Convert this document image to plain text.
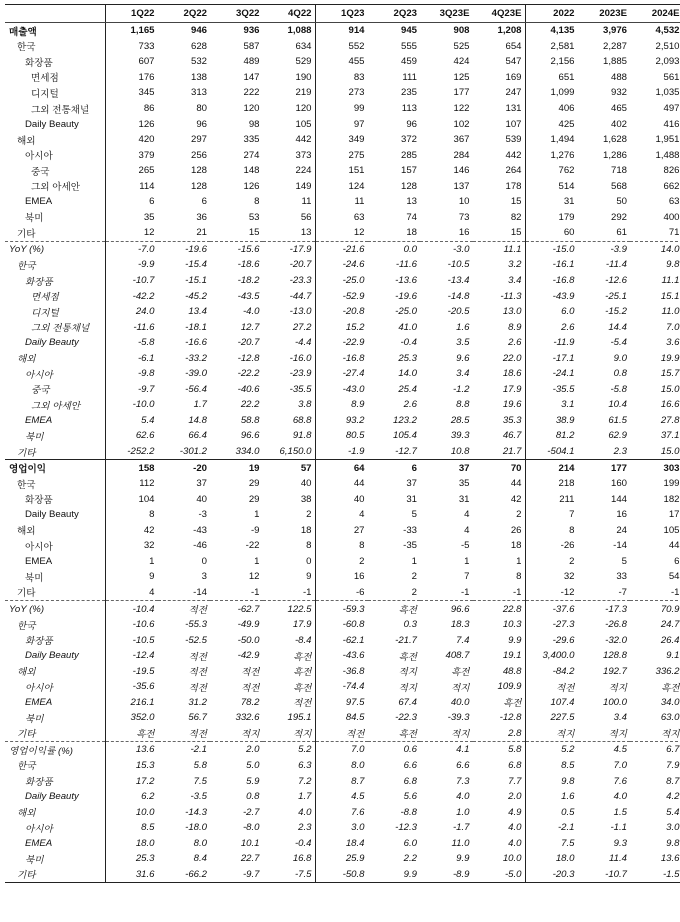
	1Q22	2Q22	3Q22	4Q22	1Q23	2Q23	3Q23E	4Q23E	2022	2023E	2024E
매출액	1,165	946	936	1,088	914	945	908	1,208	4,135	3,976	4,532
한국	733	628	587	634	552	555	525	654	2,581	2,287	2,510
화장품	607	532	489	529	455	459	424	547	2,156	1,885	2,093
면세점	176	138	147	190	83	111	125	169	651	488	561
디지털	345	313	222	219	273	235	177	247	1,099	932	1,035
그외 전통채널	86	80	120	120	99	113	122	131	406	465	497
Daily Beauty	126	96	98	105	97	96	102	107	425	402	416
해외	420	297	335	442	349	372	367	539	1,494	1,628	1,951
아시아	379	256	274	373	275	285	284	442	1,276	1,286	1,488
중국	265	128	148	224	151	157	146	264	762	718	826
그외 아세안	114	128	126	149	124	128	137	178	514	568	662
EMEA	6	6	8	11	11	13	10	15	31	50	63
북미	35	36	53	56	63	74	73	82	179	292	400
기타	12	21	15	13	12	18	16	15	60	61	71
YoY (%)	-7.0	-19.6	-15.6	-17.9	-21.6	0.0	-3.0	11.1	-15.0	-3.9	14.0
한국	-9.9	-15.4	-18.6	-20.7	-24.6	-11.6	-10.5	3.2	-16.1	-11.4	9.8
화장품	-10.7	-15.1	-18.2	-23.3	-25.0	-13.6	-13.4	3.4	-16.8	-12.6	11.1
면세점	-42.2	-45.2	-43.5	-44.7	-52.9	-19.6	-14.8	-11.3	-43.9	-25.1	15.1
디지털	24.0	13.4	-4.0	-13.0	-20.8	-25.0	-20.5	13.0	6.0	-15.2	11.0
그외 전통채널	-11.6	-18.1	12.7	27.2	15.2	41.0	1.6	8.9	2.6	14.4	7.0
Daily Beauty	-5.8	-16.6	-20.7	-4.4	-22.9	-0.4	3.5	2.6	-11.9	-5.4	3.6
해외	-6.1	-33.2	-12.8	-16.0	-16.8	25.3	9.6	22.0	-17.1	9.0	19.9
아시아	-9.8	-39.0	-22.2	-23.9	-27.4	14.0	3.4	18.6	-24.1	0.8	15.7
중국	-9.7	-56.4	-40.6	-35.5	-43.0	25.4	-1.2	17.9	-35.5	-5.8	15.0
그외 아세안	-10.0	1.7	22.2	3.8	8.9	2.6	8.8	19.6	3.1	10.4	16.6
EMEA	5.4	14.8	58.8	68.8	93.2	123.2	28.5	35.3	38.9	61.5	27.8
북미	62.6	66.4	96.6	91.8	80.5	105.4	39.3	46.7	81.2	62.9	37.1
기타	-252.2	-301.2	334.0	6,150.0	-1.9	-12.7	10.8	21.7	-504.1	2.3	15.0
영업이익	158	-20	19	57	64	6	37	70	214	177	303
한국	112	37	29	40	44	37	35	44	218	160	199
화장품	104	40	29	38	40	31	31	42	211	144	182
Daily Beauty	8	-3	1	2	4	5	4	2	7	16	17
해외	42	-43	-9	18	27	-33	4	26	8	24	105
아시아	32	-46	-22	8	8	-35	-5	18	-26	-14	44
EMEA	1	0	1	0	2	1	1	1	2	5	6
북미	9	3	12	9	16	2	7	8	32	33	54
기타	4	-14	-1	-1	-6	2	-1	-1	-12	-7	-1
YoY (%)	-10.4	적전	-62.7	122.5	-59.3	흑전	96.6	22.8	-37.6	-17.3	70.9
한국	-10.6	-55.3	-49.9	17.9	-60.8	0.3	18.3	10.3	-27.3	-26.8	24.7
화장품	-10.5	-52.5	-50.0	-8.4	-62.1	-21.7	7.4	9.9	-29.6	-32.0	26.4
Daily Beauty	-12.4	적전	-42.9	흑전	-43.6	흑전	408.7	19.1	3,400.0	128.8	9.1
해외	-19.5	적전	적전	흑전	-36.8	적지	흑전	48.8	-84.2	192.7	336.2
아시아	-35.6	적전	적전	흑전	-74.4	적지	적지	109.9	적전	적지	흑전
EMEA	216.1	31.2	78.2	적전	97.5	67.4	40.0	흑전	107.4	100.0	34.0
북미	352.0	56.7	332.6	195.1	84.5	-22.3	-39.3	-12.8	227.5	3.4	63.0
기타	흑전	적전	적지	적지	적전	흑전	적지	2.8	적지	적지	적지
영업이익률 (%)	13.6	-2.1	2.0	5.2	7.0	0.6	4.1	5.8	5.2	4.5	6.7
한국	15.3	5.8	5.0	6.3	8.0	6.6	6.6	6.8	8.5	7.0	7.9
화장품	17.2	7.5	5.9	7.2	8.7	6.8	7.3	7.7	9.8	7.6	8.7
Daily Beauty	6.2	-3.5	0.8	1.7	4.5	5.6	4.0	2.0	1.6	4.0	4.2
해외	10.0	-14.3	-2.7	4.0	7.6	-8.8	1.0	4.9	0.5	1.5	5.4
아시아	8.5	-18.0	-8.0	2.3	3.0	-12.3	-1.7	4.0	-2.1	-1.1	3.0
EMEA	18.0	8.0	10.1	-0.4	18.4	6.0	11.0	4.0	7.5	9.3	9.8
북미	25.3	8.4	22.7	16.8	25.9	2.2	9.9	10.0	18.0	11.4	13.6
기타	31.6	-66.2	-9.7	-7.5	-50.8	9.9	-8.9	-5.0	-20.3	-10.7	-1.5
